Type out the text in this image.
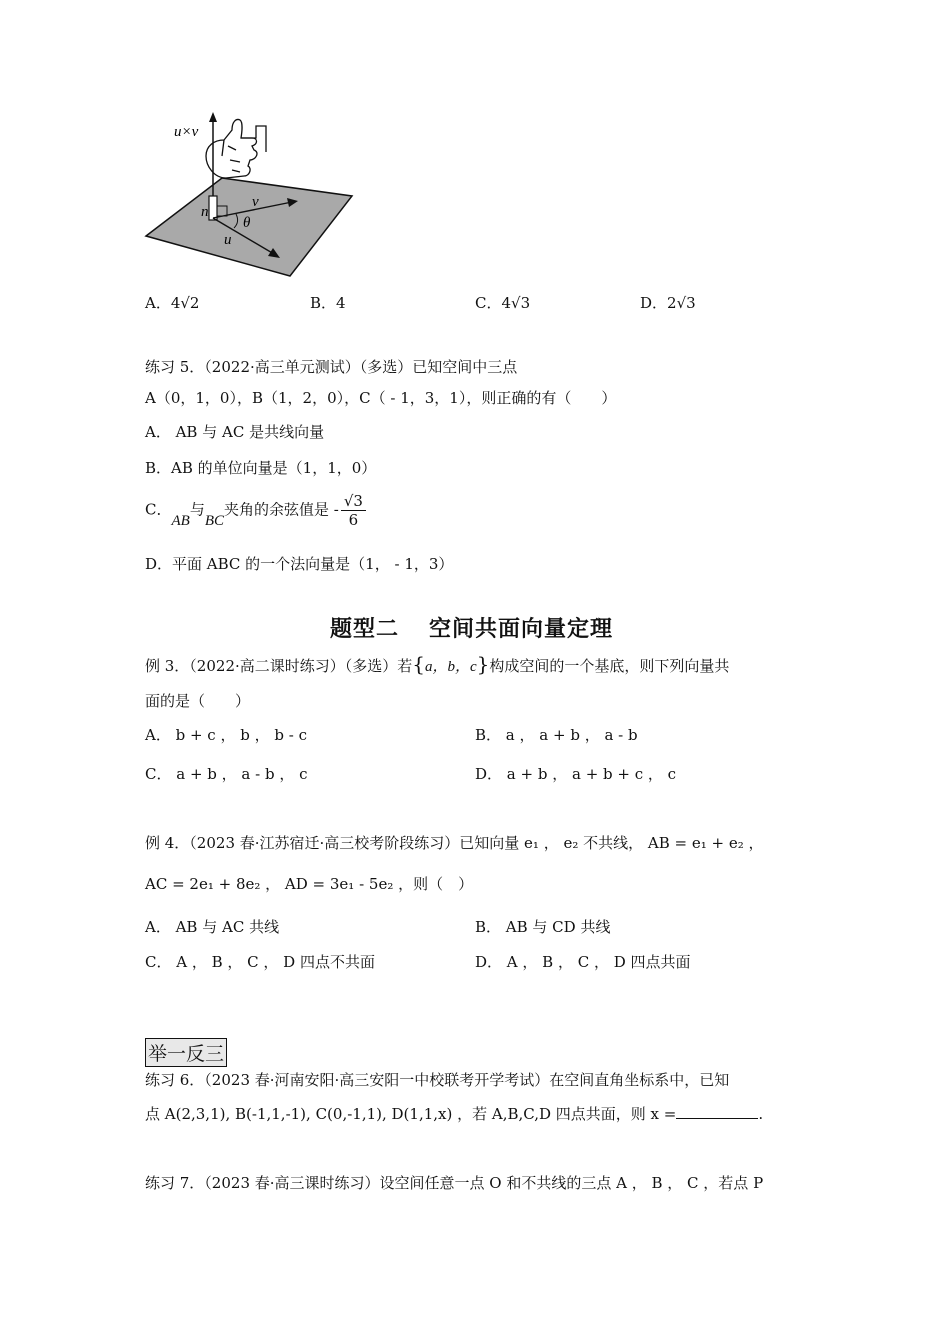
u×v
n
v
u
θ
A．4√2	B．4	C．4√3	D．2√3
练习 5．（2022·高三单元测试）（多选）已知空间中三点
A（0，1，0），B（1，2，0），C（ - 1，3，1），则正确的有（　　）
A． AB 与 AC 是共线向量
B．AB 的单位向量是（1，1，0）
C．AB与BC夹角的余弦值是 - $\frac{√3}{6}$
D．平面 ABC 的一个法向量是（1， - 1，3）
题型二 空间共面向量定理
例 3．（2022·高二课时练习）（多选）若{a，b，c}构成空间的一个基底，则下列向量共
面的是（　　）
A． b + c ， b ， b - c	B． a ， a + b ， a - b
C． a + b ， a - b ， c	D． a + b ， a + b + c ， c
例 4．（2023 春·江苏宿迁·高三校考阶段练习）已知向量 e₁ ， e₂ 不共线， AB = e₁ + e₂ ，
AC = 2e₁ + 8e₂ ， AD = 3e₁ - 5e₂ ，则（　）
A． AB 与 AC 共线	B． AB 与 CD 共线
C． A ， B ， C ， D 四点不共面	D． A ， B ， C ， D 四点共面
举一反三
练习 6．（2023 春·河南安阳·高三安阳一中校联考开学考试）在空间直角坐标系中，已知
点 A(2,3,1), B(-1,1,-1), C(0,-1,1), D(1,1,x) ，若 A,B,C,D 四点共面，则 x =	.
练习 7．（2023 春·高三课时练习）设空间任意一点 O 和不共线的三点 A ， B ， C ，若点 P
